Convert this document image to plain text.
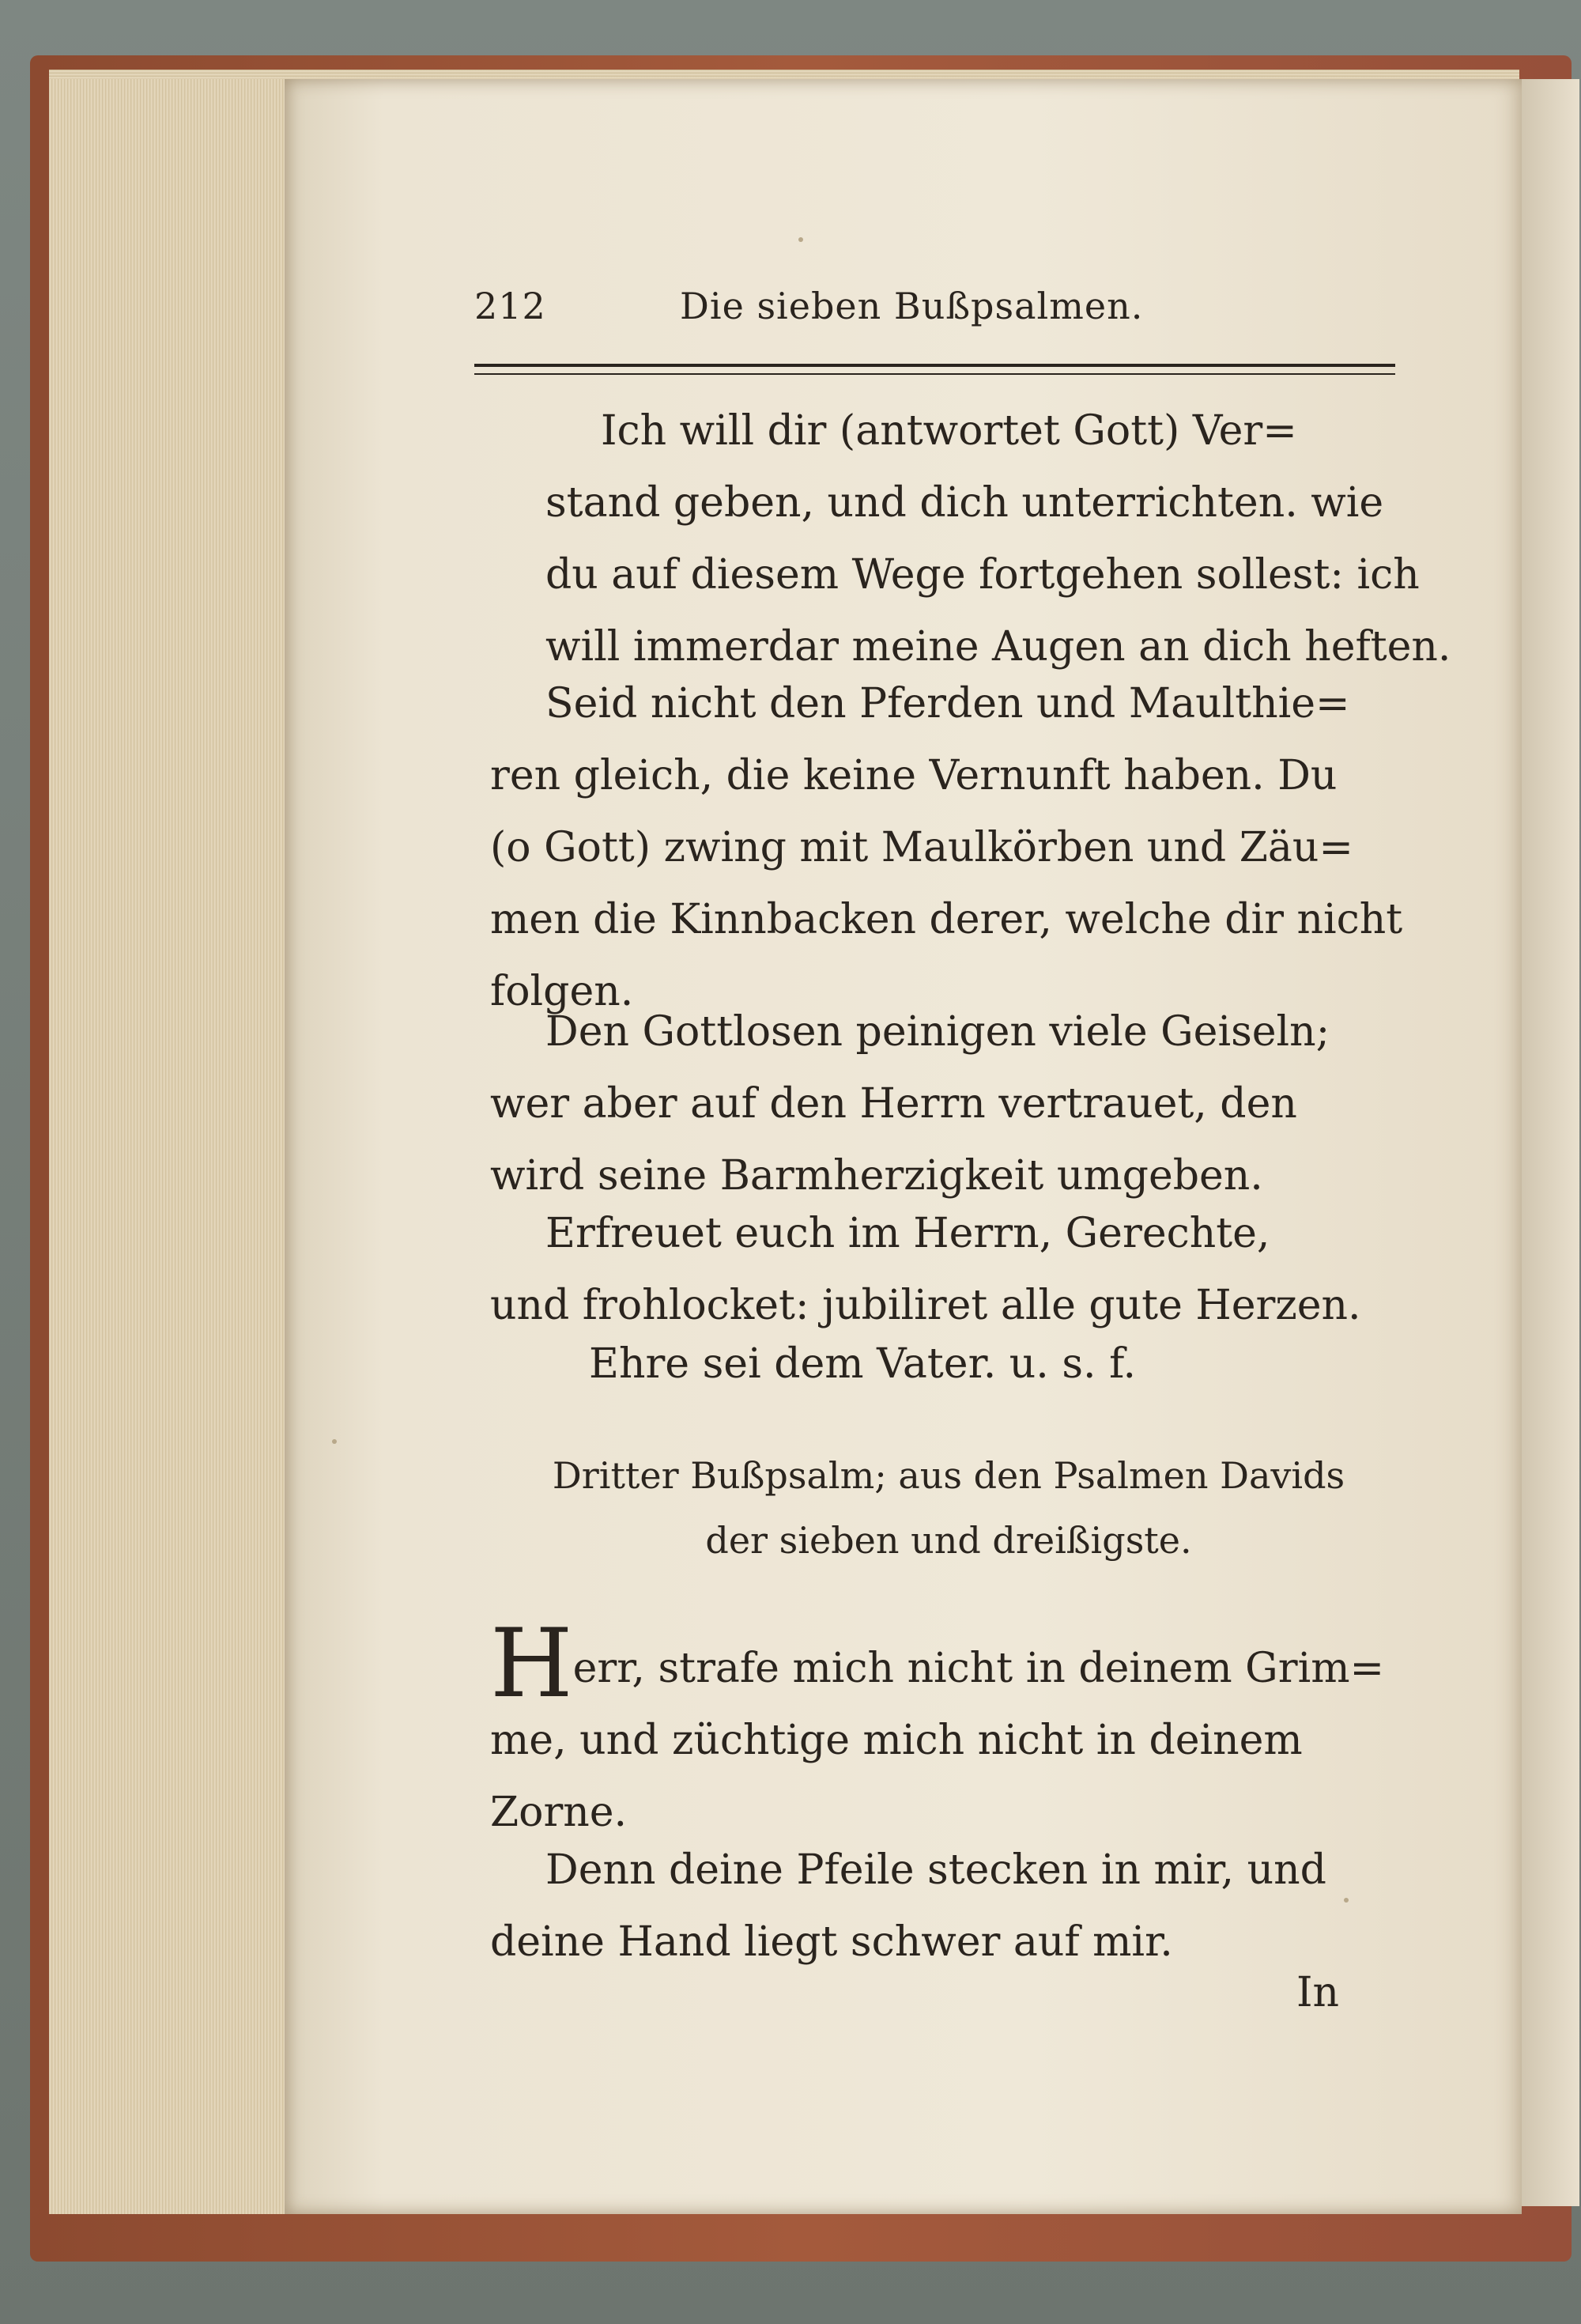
212	Die sieben Bußpsalmen.
Ich will dir (antwortet Gott) Ver=
stand geben, und dich unterrichten. wie
du auf diesem Wege fortgehen sollest: ich
will immerdar meine Augen an dich heften.
Seid nicht den Pferden und Maulthie=
ren gleich, die keine Vernunft haben. Du
(o Gott) zwing mit Maulkörben und Zäu=
men die Kinnbacken derer, welche dir nicht
folgen.
Den Gottlosen peinigen viele Geiseln;
wer aber auf den Herrn vertrauet, den
wird seine Barmherzigkeit umgeben.
Erfreuet euch im Herrn, Gerechte,
und frohlocket: jubiliret alle gute Herzen.
Ehre sei dem Vater. u. s. f.
Dritter Bußpsalm; aus den Psalmen Davids
der sieben und dreißigste.
Herr, strafe mich nicht in deinem Grim=
me, und züchtige mich nicht in deinem
Zorne.
Denn deine Pfeile stecken in mir, und
deine Hand liegt schwer auf mir.
In
